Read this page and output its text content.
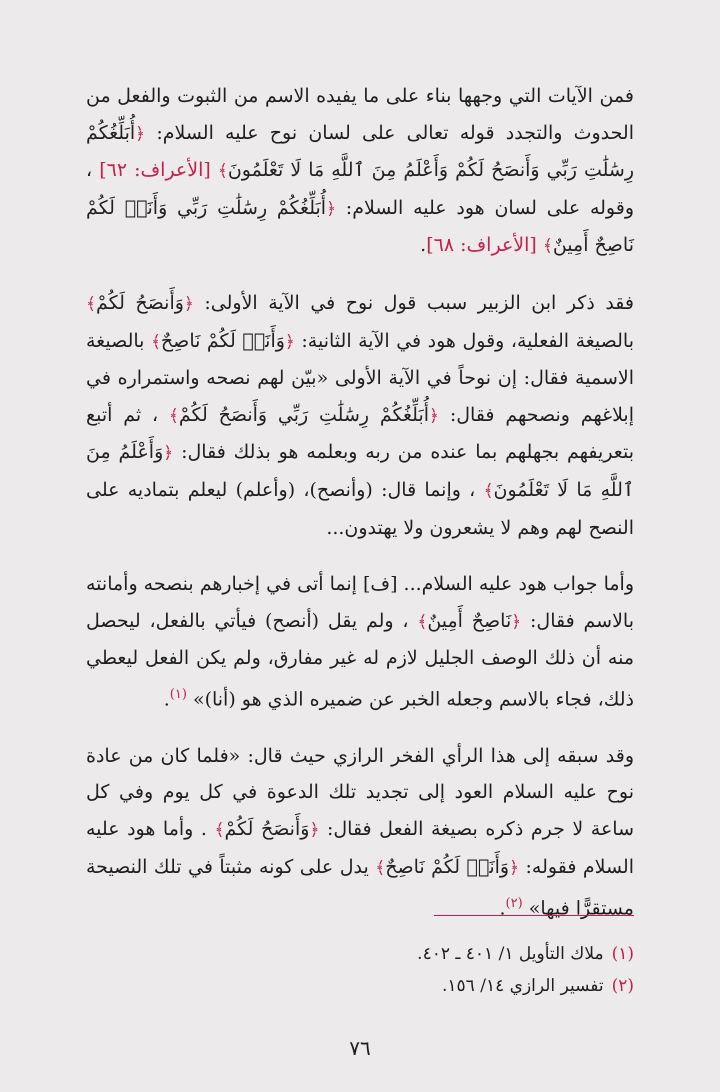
فمن الآيات التي وجهها بناء على ما يفيده الاسم من الثبوت والفعل من الحدوث والتجدد قوله تعالى على لسان نوح عليه السلام: ﴿أُبَلِّغُكُمْ رِسَٰلَٰتِ رَبِّي وَأَنصَحُ لَكُمْ وَأَعْلَمُ مِنَ ٱللَّهِ مَا لَا تَعْلَمُونَ﴾ [الأعراف: ٦٢] ، وقوله على لسان هود عليه السلام: ﴿أُبَلِّغُكُمْ رِسَٰلَٰتِ رَبِّي وَأَنَا۠ لَكُمْ نَاصِحٌ أَمِينٌ﴾ [الأعراف: ٦٨].

فقد ذكر ابن الزبير سبب قول نوح في الآية الأولى: ﴿وَأَنصَحُ لَكُمْ﴾ بالصيغة الفعلية، وقول هود في الآية الثانية: ﴿وَأَنَا۠ لَكُمْ نَاصِحٌ﴾ بالصيغة الاسمية فقال: إن نوحاً في الآية الأولى «بيّن لهم نصحه واستمراره في إبلاغهم ونصحهم فقال: ﴿أُبَلِّغُكُمْ رِسَٰلَٰتِ رَبِّي وَأَنصَحُ لَكُمْ﴾ ، ثم أتبع بتعريفهم بجهلهم بما عنده من ربه وبعلمه هو بذلك فقال: ﴿وَأَعْلَمُ مِنَ ٱللَّهِ مَا لَا تَعْلَمُونَ﴾ ، وإنما قال: (وأنصح)، (وأعلم) ليعلم بتماديه على النصح لهم وهم لا يشعرون ولا يهتدون...

وأما جواب هود عليه السلام... [ف] إنما أتى في إخبارهم بنصحه وأمانته بالاسم فقال: ﴿نَاصِحٌ أَمِينٌ﴾ ، ولم يقل (أنصح) فيأتي بالفعل، ليحصل منه أن ذلك الوصف الجليل لازم له غير مفارق، ولم يكن الفعل ليعطي ذلك، فجاء بالاسم وجعله الخبر عن ضميره الذي هو (أنا)» $^{(١)}$.

وقد سبقه إلى هذا الرأي الفخر الرازي حيث قال: «فلما كان من عادة نوح عليه السلام العود إلى تجديد تلك الدعوة في كل يوم وفي كل ساعة لا جرم ذكره بصيغة الفعل فقال: ﴿وَأَنصَحُ لَكُمْ﴾ . وأما هود عليه السلام فقوله: ﴿وَأَنَا۠ لَكُمْ نَاصِحٌ﴾ يدل على كونه مثبتاً في تلك النصيحة مستقرًّا فيها» $^{(٢)}$.

(١)ملاك التأويل ١/ ٤٠١ ـ ٤٠٢.
(٢)تفسير الرازي ١٤/ ١٥٦.
٧٦
